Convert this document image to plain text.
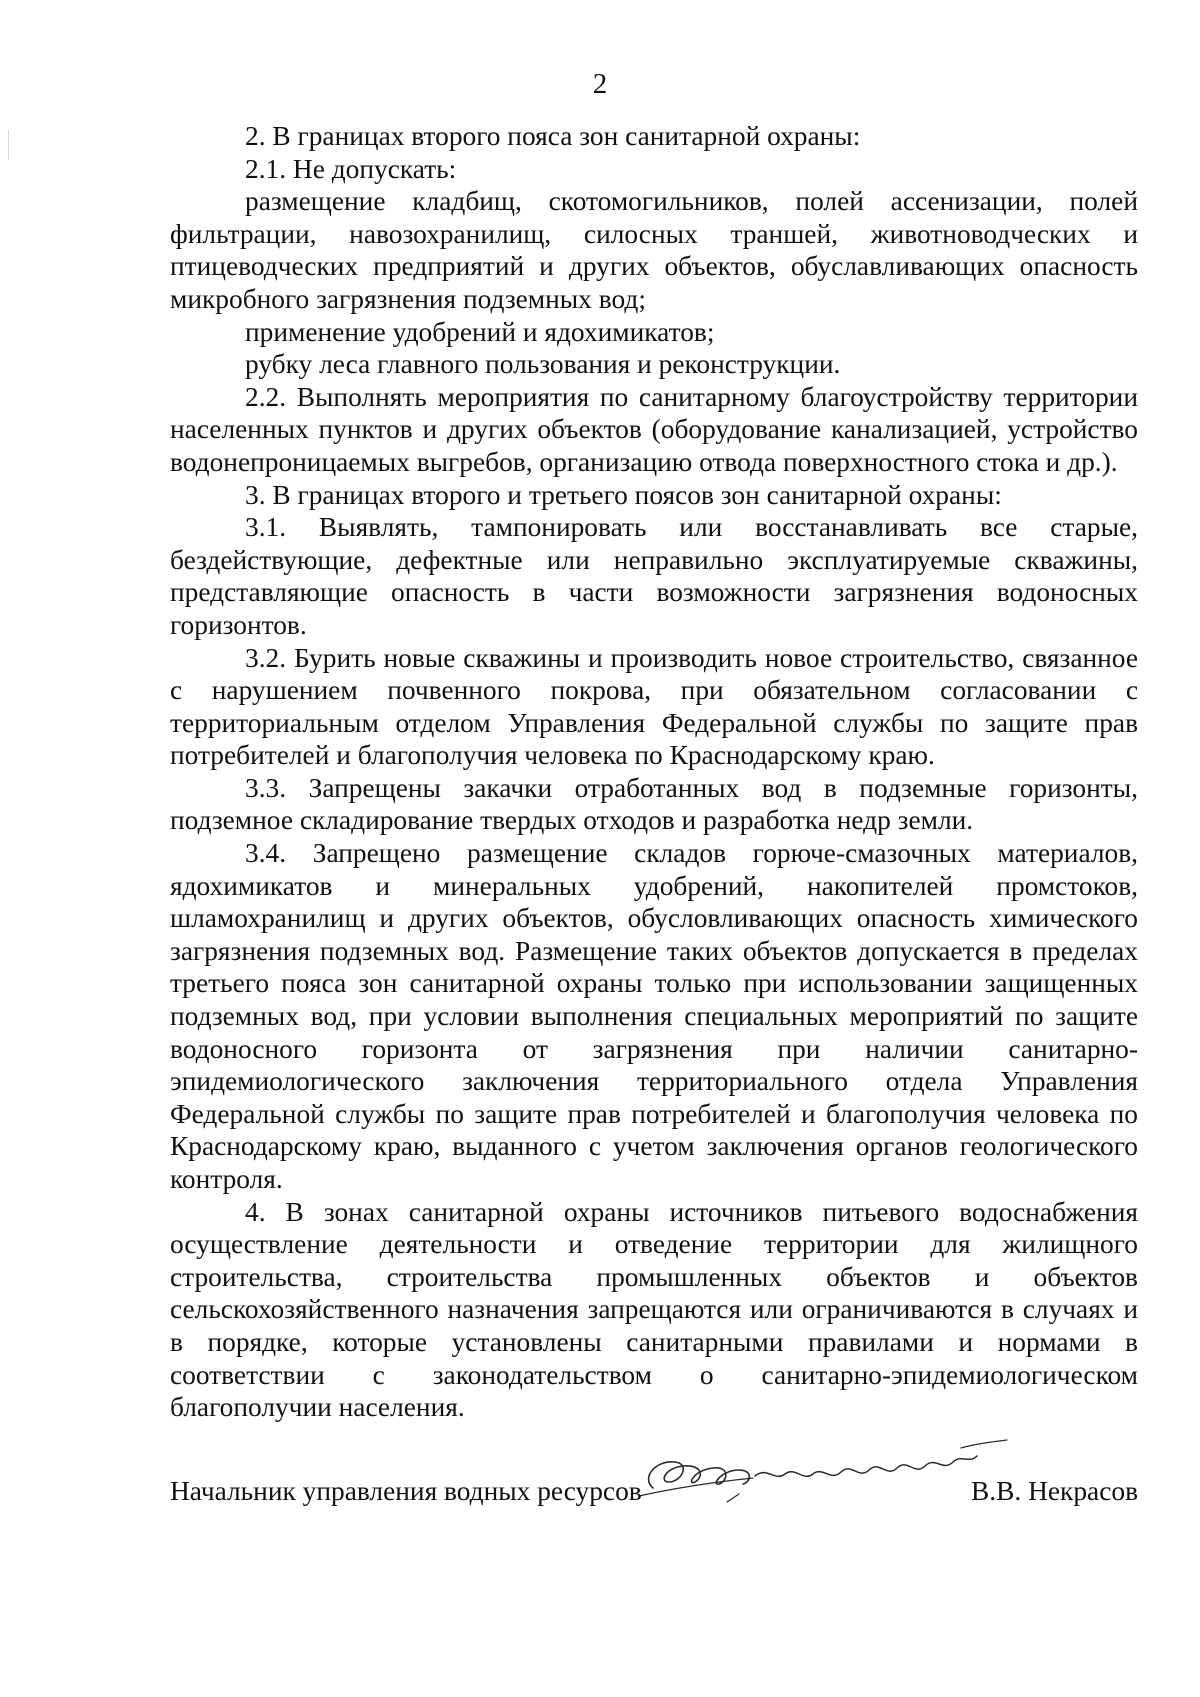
2

2. В границах второго пояса зон санитарной охраны:

2.1. Не допускать:

размещение кладбищ, скотомогильников, полей ассенизации, полей фильтрации, навозохранилищ, силосных траншей, животноводческих и птицеводческих предприятий и других объектов, обуславливающих опасность микробного загрязнения подземных вод;

применение удобрений и ядохимикатов;

рубку леса главного пользования и реконструкции.

2.2. Выполнять мероприятия по санитарному благоустройству территории населенных пунктов и других объектов (оборудование канализацией, устройство водонепроницаемых выгребов, организацию отвода поверхностного стока и др.).

3. В границах второго и третьего поясов зон санитарной охраны:

3.1. Выявлять, тампонировать или восстанавливать все старые, бездействующие, дефектные или неправильно эксплуатируемые скважины, представляющие опасность в части возможности загрязнения водоносных горизонтов.

3.2. Бурить новые скважины и производить новое строительство, связанное с нарушением почвенного покрова, при обязательном согласовании с территориальным отделом Управления Федеральной службы по защите прав потребителей и благополучия человека по Краснодарскому краю.

3.3. Запрещены закачки отработанных вод в подземные горизонты, подземное складирование твердых отходов и разработка недр земли.

3.4. Запрещено размещение складов горюче-смазочных материалов, ядохимикатов и минеральных удобрений, накопителей промстоков, шламохранилищ и других объектов, обусловливающих опасность химического загрязнения подземных вод. Размещение таких объектов допускается в пределах третьего пояса зон санитарной охраны только при использовании защищенных подземных вод, при условии выполнения специальных мероприятий по защите водоносного горизонта от загрязнения при наличии санитарно-эпидемиологического заключения территориального отдела Управления Федеральной службы по защите прав потребителей и благополучия человека по Краснодарскому краю, выданного с учетом заключения органов геологического контроля.

4. В зонах санитарной охраны источников питьевого водоснабжения осуществление деятельности и отведение территории для жилищного строительства, строительства промышленных объектов и объектов сельскохозяйственного назначения запрещаются или ограничиваются в случаях и в порядке, которые установлены санитарными правилами и нормами в соответствии с законодательством о санитарно-эпидемиологическом благополучии населения.

Начальник управления водных ресурсов	В.В. Некрасов
